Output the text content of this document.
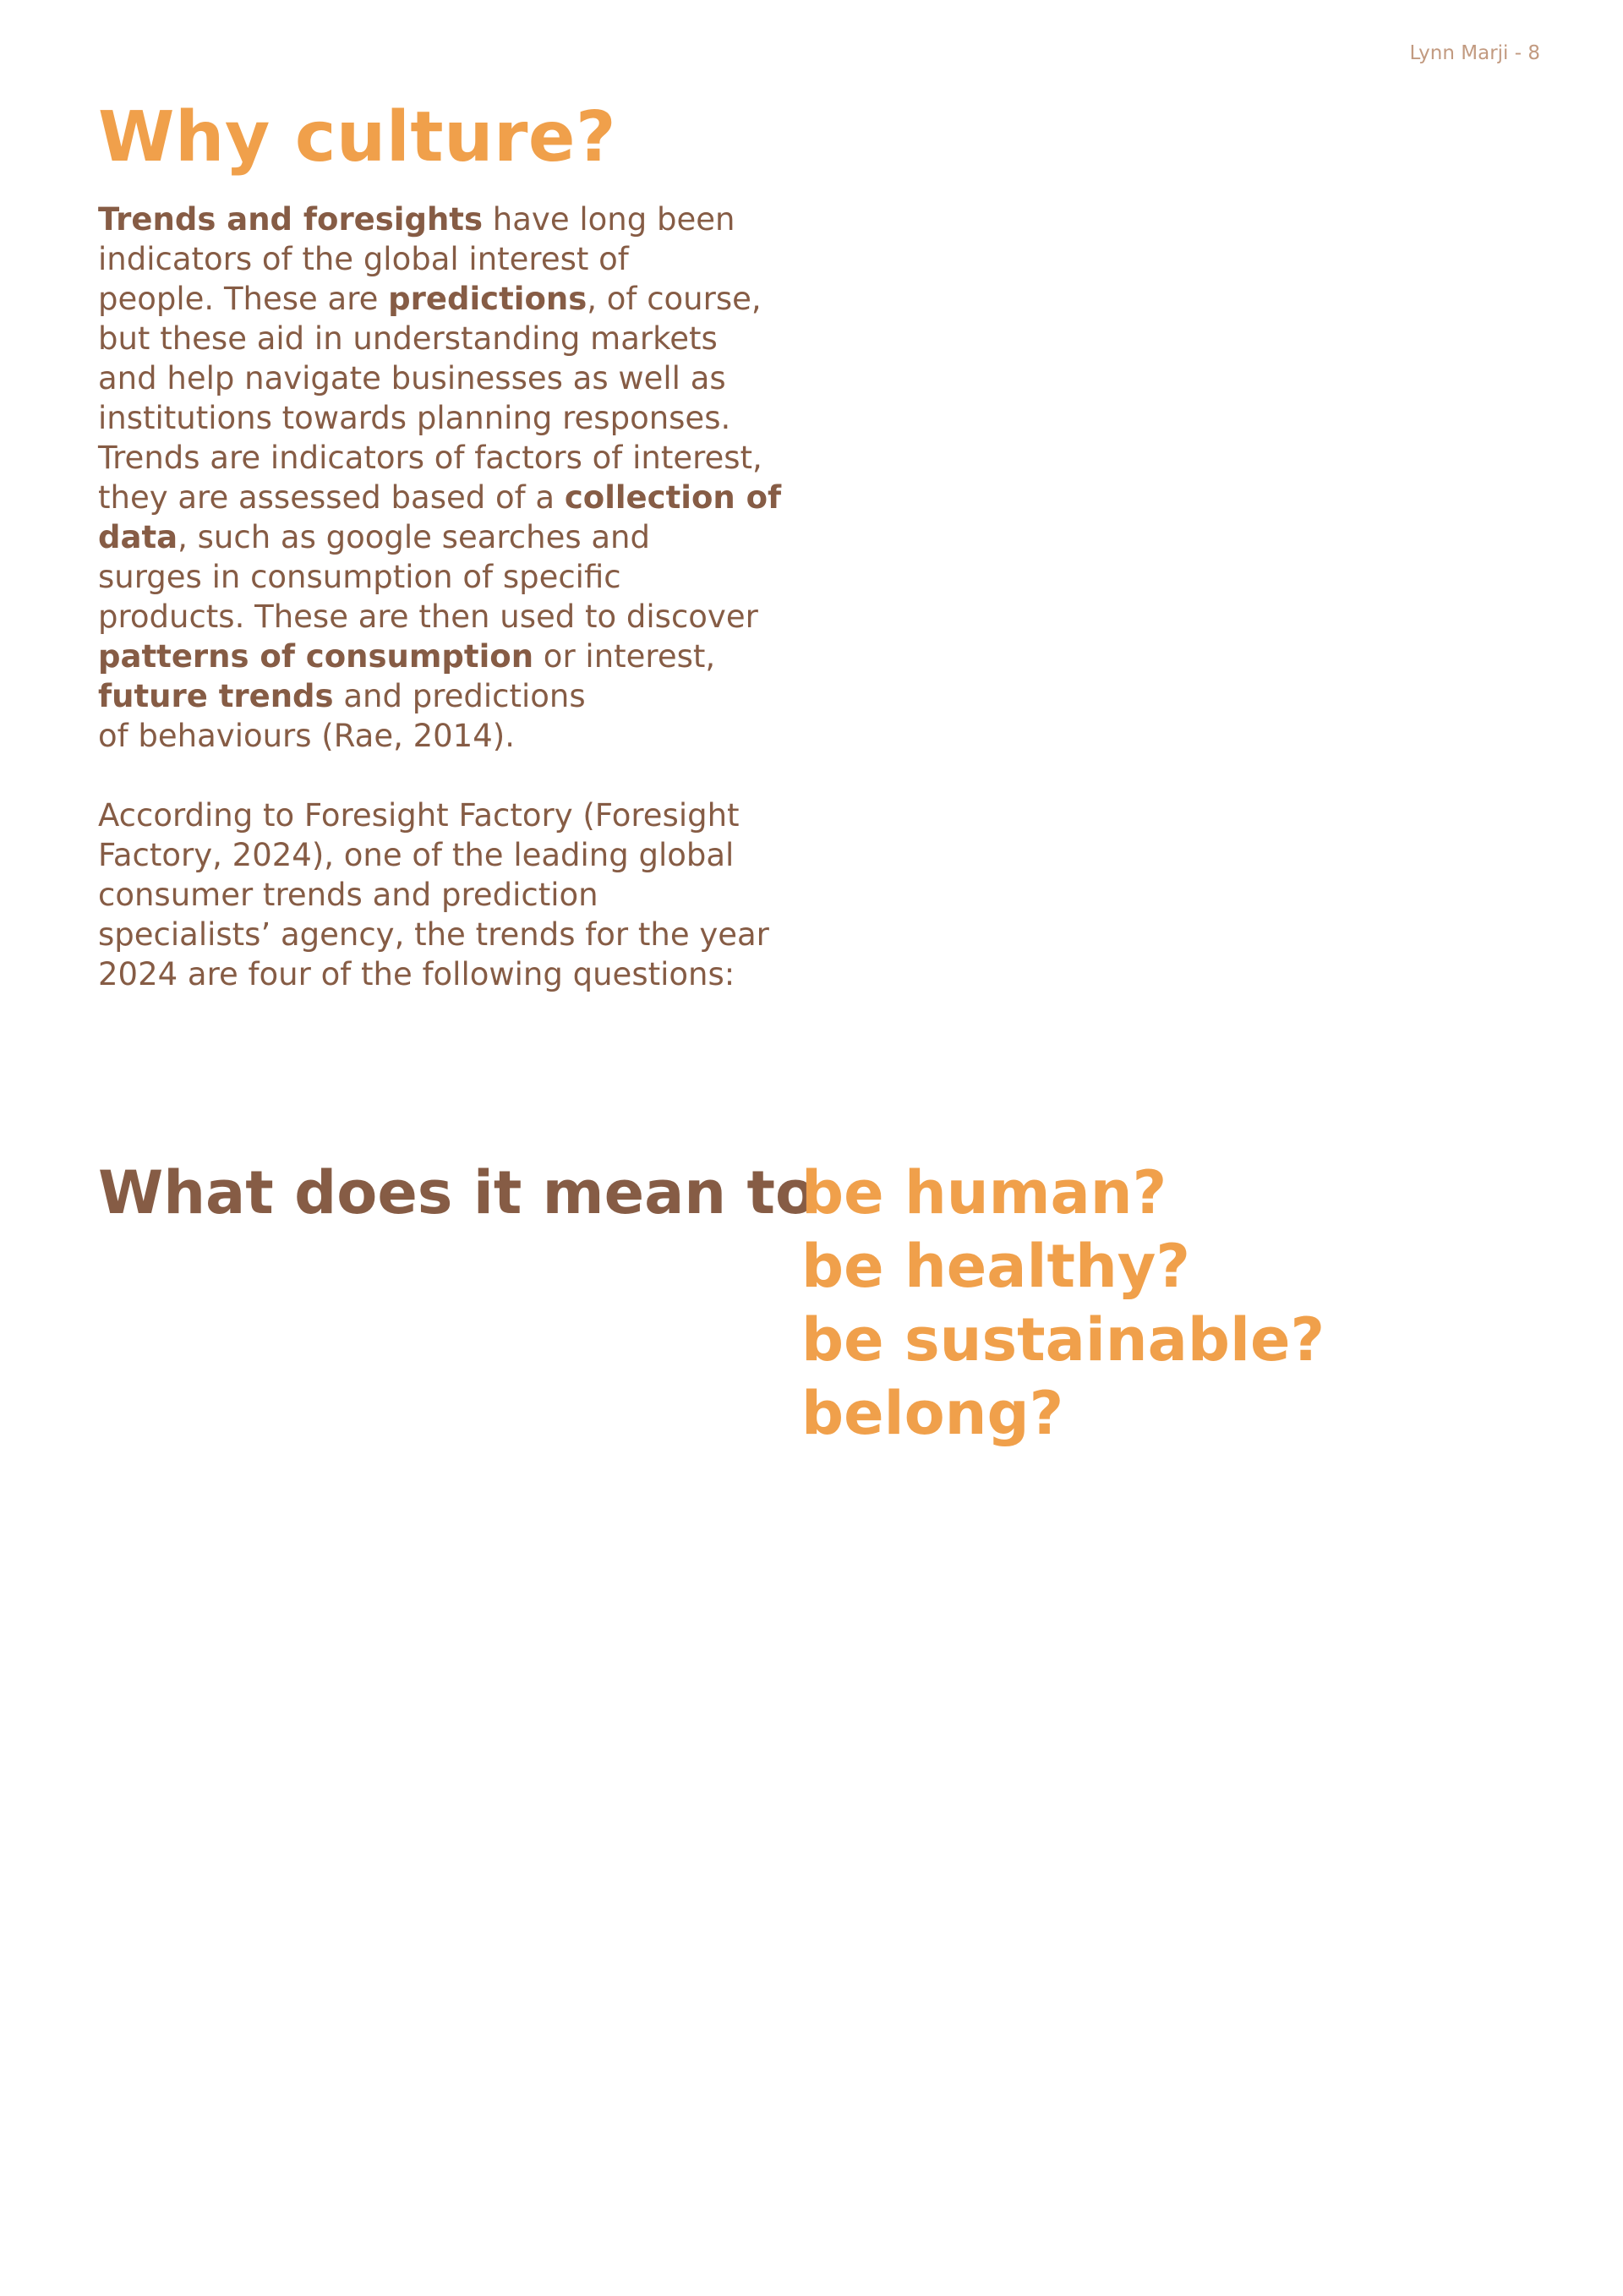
Lynn Marji - 8
Why culture?

Trends and foresights have long been
indicators of the global interest of
people. These are predictions, of course,
but these aid in understanding markets
and help navigate businesses as well as
institutions towards planning responses.
Trends are indicators of factors of interest,
they are assessed based of a collection of
data, such as google searches and
surges in consumption of specific
products. These are then used to discover
patterns of consumption or interest,
future trends and predictions
of behaviours (Rae, 2014).

According to Foresight Factory (Foresight
Factory, 2024), one of the leading global
consumer trends and prediction
specialists’ agency, the trends for the year
2024 are four of the following questions:

What does it mean to
be human?
be healthy?
be sustainable?
belong?
